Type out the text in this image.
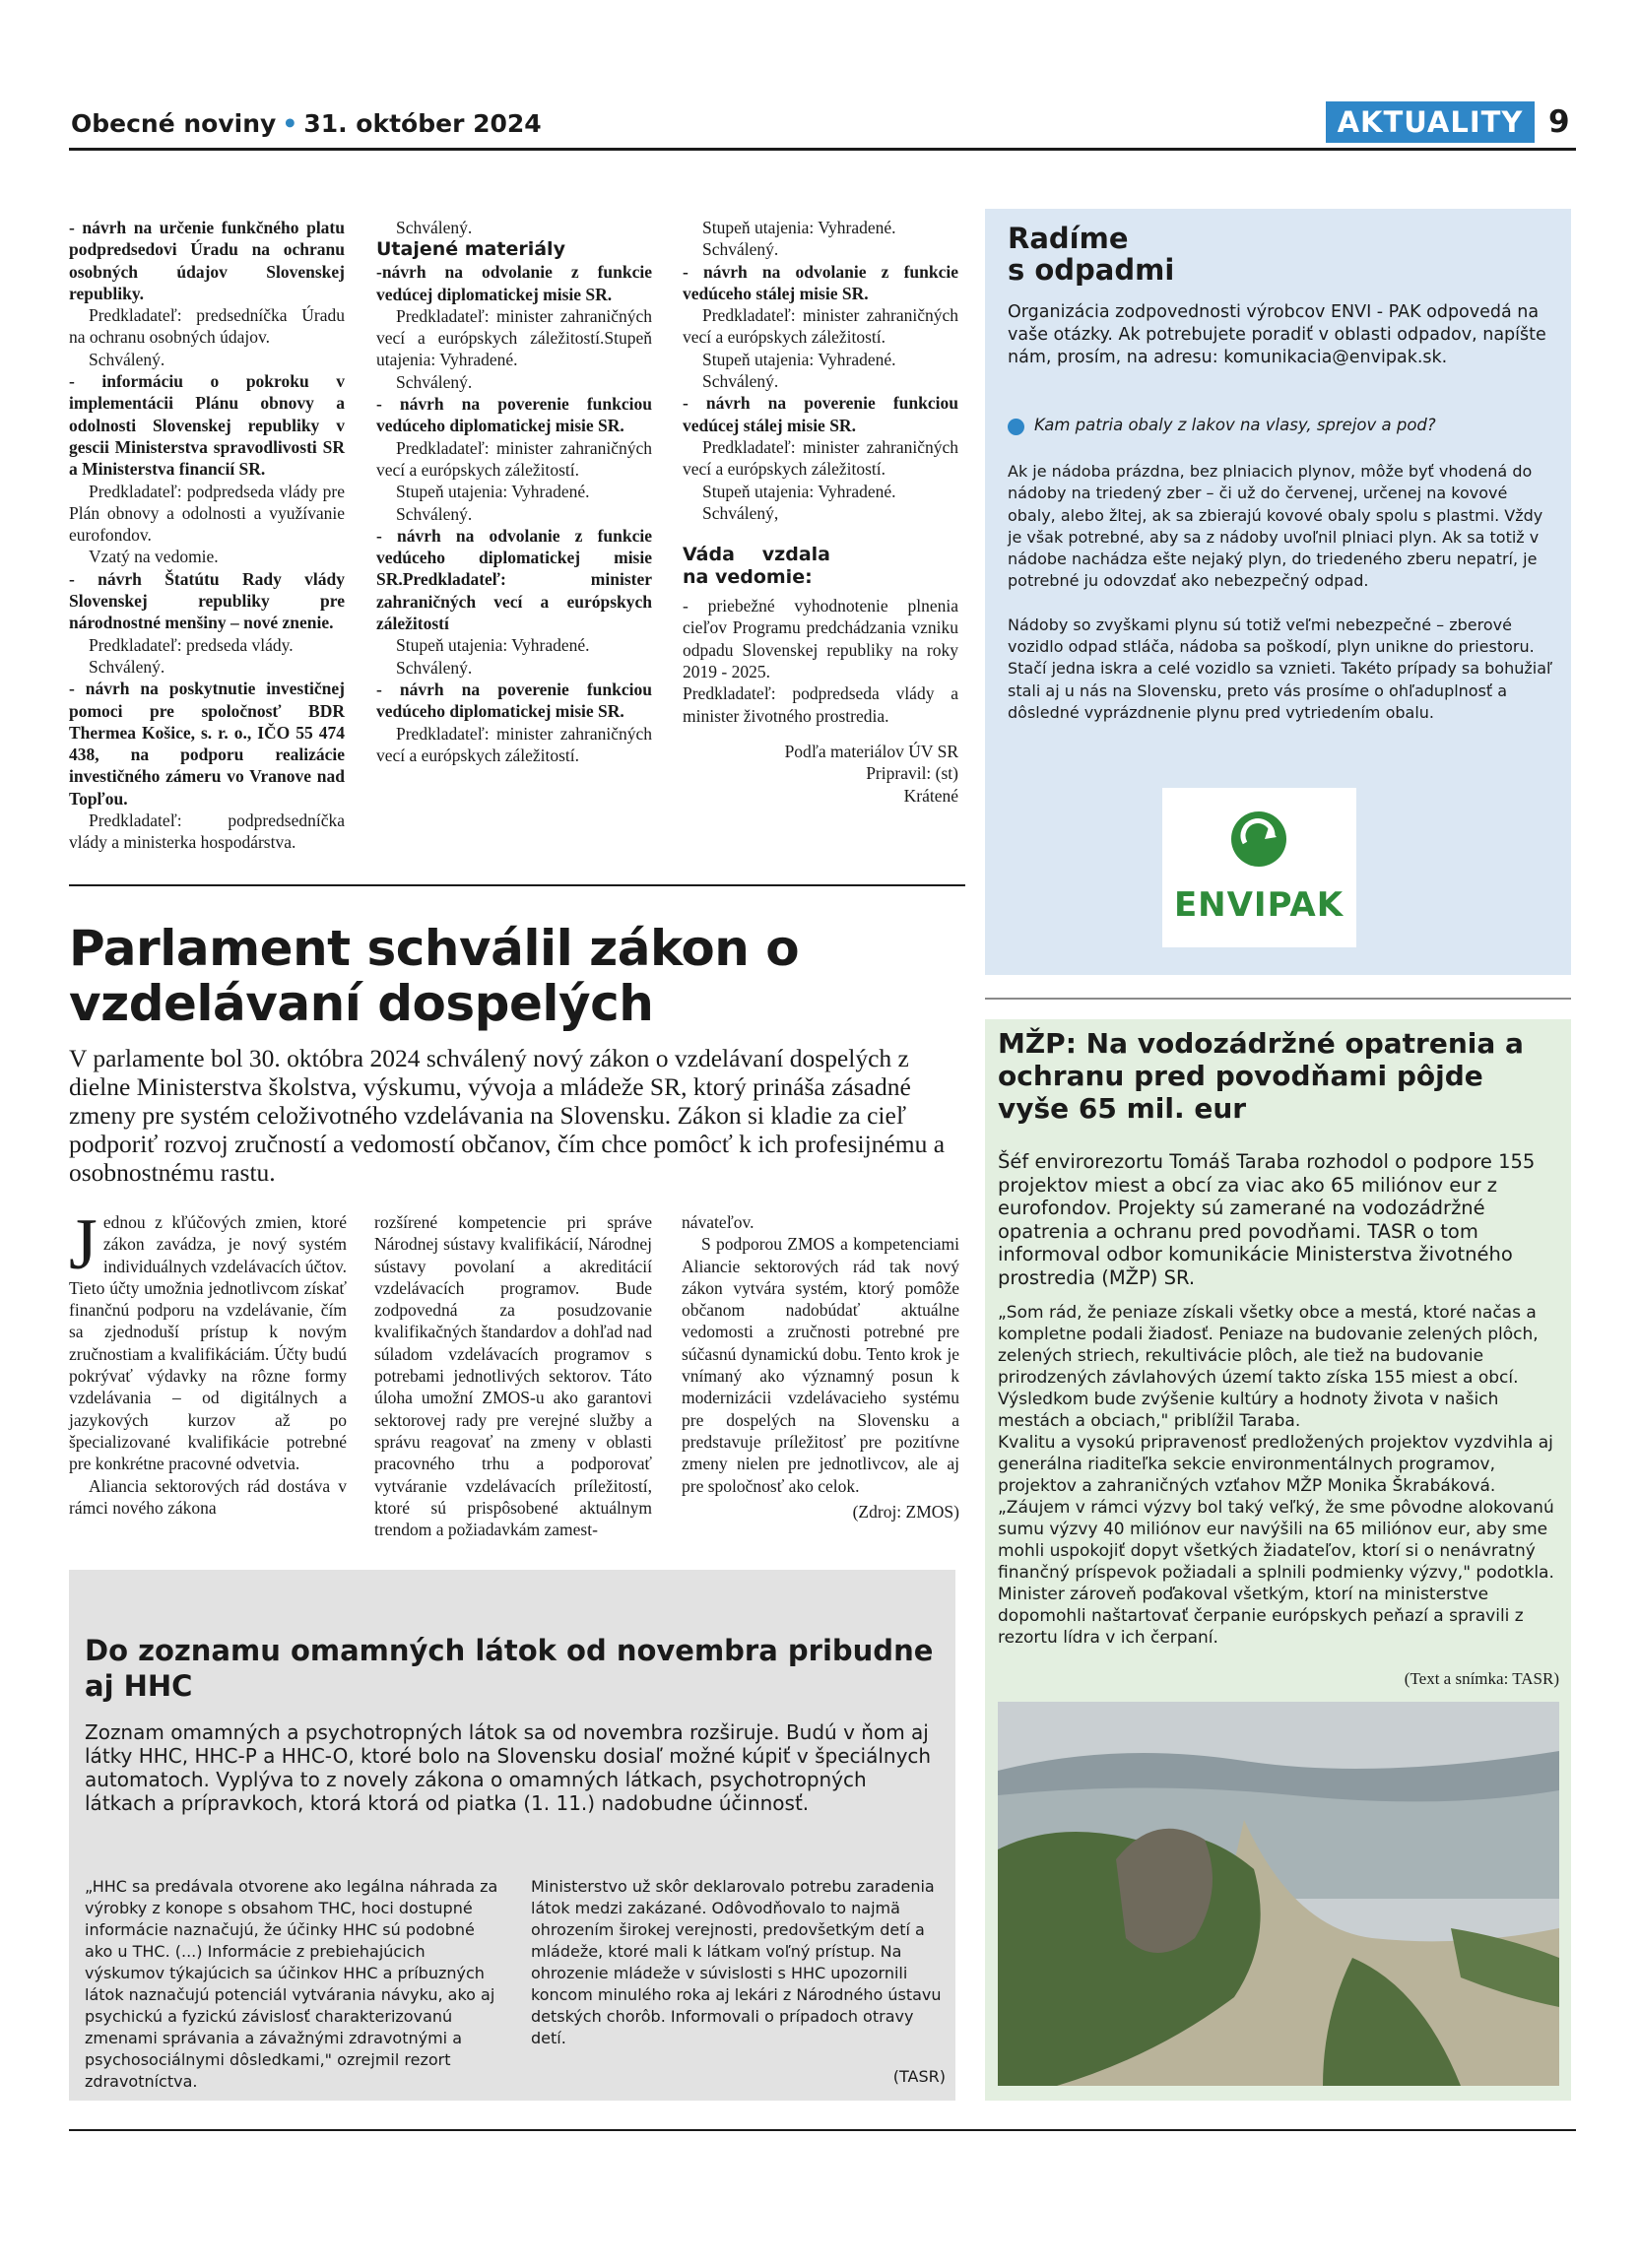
Obecné noviny • 31. október 2024	AKTUALITY 9

- návrh na určenie funkčného platu podpredsedovi Úradu na ochranu osobných údajov Slovenskej republiky.

Predkladateľ: predsedníčka Úradu na ochranu osobných údajov.

Schválený.

- informáciu o pokroku v implementácii Plánu obnovy a odolnosti Slovenskej republiky v gescii Ministerstva spravodlivosti SR a Ministerstva financií SR.

Predkladateľ: podpredseda vlády pre Plán obnovy a odolnosti a využívanie eurofondov.

Vzatý na vedomie.

- návrh Štatútu Rady vlády Slovenskej republiky pre národnostné menšiny – nové znenie.

Predkladateľ: predseda vlády.

Schválený.

- návrh na poskytnutie investičnej pomoci pre spoločnosť BDR Thermea Košice, s. r. o., IČO 55 474 438, na podporu realizácie investičného zámeru vo Vranove nad Topľou.

Predkladateľ: podpredsedníčka vlády a ministerka hospodárstva.

Schválený.

Utajené materiály

-návrh na odvolanie z funkcie vedúcej diplomatickej misie SR.

Predkladateľ: minister zahraničných vecí a európskych záležitostí.Stupeň utajenia: Vyhradené.

Schválený.

- návrh na poverenie funkciou vedúceho diplomatickej misie SR.

Predkladateľ: minister zahraničných vecí a európskych záležitostí.

Stupeň utajenia: Vyhradené.

Schválený.

- návrh na odvolanie z funkcie vedúceho diplomatickej misie SR.Predkladateľ: minister zahraničných vecí a európskych záležitostí

Stupeň utajenia: Vyhradené.

Schválený.

- návrh na poverenie funkciou vedúceho diplomatickej misie SR.

Predkladateľ: minister zahraničných vecí a európskych záležitostí.

Stupeň utajenia: Vyhradené.

Schválený.

- návrh na odvolanie z funkcie vedúceho stálej misie SR.

Predkladateľ: minister zahraničných vecí a európskych záležitostí.

Stupeň utajenia: Vyhradené.

Schválený.

- návrh na poverenie funkciou vedúcej stálej misie SR.

Predkladateľ: minister zahraničných vecí a európskych záležitostí.

Stupeň utajenia: Vyhradené.

Schválený,

Váda vzdala na vedomie:

- priebežné vyhodnotenie plnenia cieľov Programu predchádzania vzniku odpadu Slovenskej republiky na roky 2019 - 2025.

Predkladateľ: podpredseda vlády a minister životného prostredia.

Podľa materiálov ÚV SR

Pripravil: (st)

Krátené

Parlament schválil zákon o vzdelávaní dospelých
V parlamente bol 30. októbra 2024 schválený nový zákon o vzdelávaní dospelých z dielne Ministerstva školstva, výskumu, vývoja a mládeže SR, ktorý prináša zásadné zmeny pre systém celoživotného vzdelávania na Slovensku. Zákon si kladie za cieľ podporiť rozvoj zručností a vedomostí občanov, čím chce pomôcť k ich profesijnému a osobnostnému rastu.

Jednou z kľúčových zmien, ktoré zákon zavádza, je nový systém individuálnych vzdelávacích účtov. Tieto účty umožnia jednotlivcom získať finančnú podporu na vzdelávanie, čím sa zjednoduší prístup k novým zručnostiam a kvalifikáciám. Účty budú pokrývať výdavky na rôzne formy vzdelávania – od digitálnych a jazykových kurzov až po špecializované kvalifikácie potrebné pre konkrétne pracovné odvetvia.

Aliancia sektorových rád dostáva v rámci nového zákona

rozšírené kompetencie pri správe Národnej sústavy kvalifikácií, Národnej sústavy povolaní a akreditácií vzdelávacích programov. Bude zodpovedná za posudzovanie kvalifikačných štandardov a dohľad nad súladom vzdelávacích programov s potrebami jednotlivých sektorov. Táto úloha umožní ZMOS-u ako garantovi sektorovej rady pre verejné služby a správu reagovať na zmeny v oblasti pracovného trhu a podporovať vytváranie vzdelávacích príležitostí, ktoré sú prispôsobené aktuálnym trendom a požiadavkám zamest-

návateľov.

S podporou ZMOS a kompetenciami Aliancie sektorových rád tak nový zákon vytvára systém, ktorý pomôže občanom nadobúdať aktuálne vedomosti a zručnosti potrebné pre súčasnú dynamickú dobu. Tento krok je vnímaný ako významný posun k modernizácii vzdelávacieho systému pre dospelých na Slovensku a predstavuje príležitosť pre pozitívne zmeny nielen pre jednotlivcov, ale aj pre spoločnosť ako celok.

(Zdroj: ZMOS)

Radíme
s odpadmi
Organizácia zodpovednosti výrobcov ENVI - PAK odpovedá na vaše otázky. Ak potrebujete poradiť v oblasti odpadov, napíšte nám, prosím, na adresu: komunikacia@envipak.sk.
Kam patria obaly z lakov na vlasy, sprejov a pod?

Ak je nádoba prázdna, bez plniacich plynov, môže byť vhodená do nádoby na triedený zber – či už do červenej, určenej na kovové obaly, alebo žltej, ak sa zbierajú kovové obaly spolu s plastmi. Vždy je však potrebné, aby sa z nádoby uvoľnil plniaci plyn. Ak sa totiž v nádobe nachádza ešte nejaký plyn, do triedeného zberu nepatrí, je potrebné ju odovzdať ako nebezpečný odpad.

Nádoby so zvyškami plynu sú totiž veľmi nebezpečné – zberové vozidlo odpad stláča, nádoba sa poškodí, plyn unikne do priestoru. Stačí jedna iskra a celé vozidlo sa vznieti. Takéto prípady sa bohužiaľ stali aj u nás na Slovensku, preto vás prosíme o ohľaduplnosť a dôsledné vyprázdnenie plynu pred vytriedením obalu.

ENVIPAK
MŽP: Na vodozádržné opatrenia a ochranu pred povodňami pôjde vyše 65 mil. eur
Šéf envirorezortu Tomáš Taraba rozhodol o podpore 155 projektov miest a obcí za viac ako 65 miliónov eur z eurofondov. Projekty sú zamerané na vodozádržné opatrenia a ochranu pred povodňami. TASR o tom informoval odbor komunikácie Ministerstva životného prostredia (MŽP) SR.

„Som rád, že peniaze získali všetky obce a mestá, ktoré načas a kompletne podali žiadosť. Peniaze na budovanie zelených plôch, zelených striech, rekultivácie plôch, ale tiež na budovanie prirodzených závlahových území takto získa 155 miest a obcí. Výsledkom bude zvýšenie kultúry a hodnoty života v našich mestách a obciach," priblížil Taraba.

Kvalitu a vysokú pripravenosť predložených projektov vyzdvihla aj generálna riaditeľka sekcie environmentálnych programov, projektov a zahraničných vzťahov MŽP Monika Škrabáková. „Záujem v rámci výzvy bol taký veľký, že sme pôvodne alokovanú sumu výzvy 40 miliónov eur navýšili na 65 miliónov eur, aby sme mohli uspokojiť dopyt všetkých žiadateľov, ktorí si o nenávratný finančný príspevok požiadali a splnili podmienky výzvy," podotkla.

Minister zároveň poďakoval všetkým, ktorí na ministerstve dopomohli naštartovať čerpanie európskych peňazí a spravili z rezortu lídra v ich čerpaní.

(Text a snímka: TASR)
Do zoznamu omamných látok od novembra pribudne aj HHC
Zoznam omamných a psychotropných látok sa od novembra rozširuje. Budú v ňom aj látky HHC, HHC-P a HHC-O, ktoré bolo na Slovensku dosiaľ možné kúpiť v špeciálnych automatoch. Vyplýva to z novely zákona o omamných látkach, psychotropných látkach a prípravkoch, ktorá ktorá od piatka (1. 11.) nadobudne účinnosť.
„HHC sa predávala otvorene ako legálna náhrada za výrobky z konope s obsahom THC, hoci dostupné informácie naznačujú, že účinky HHC sú podobné ako u THC. (...) Informácie z prebiehajúcich výskumov týkajúcich sa účinkov HHC a príbuzných látok naznačujú potenciál vytvárania návyku, ako aj psychickú a fyzickú závislosť charakterizovanú zmenami správania a závažnými zdravotnými a psychosociálnymi dôsledkami," ozrejmil rezort zdravotníctva.
Ministerstvo už skôr deklarovalo potrebu zaradenia látok medzi zakázané. Odôvodňovalo to najmä ohrozením širokej verejnosti, predovšetkým detí a mládeže, ktoré mali k látkam voľný prístup. Na ohrozenie mládeže v súvislosti s HHC upozornili koncom minulého roka aj lekári z Národného ústavu detských chorôb. Informovali o prípadoch otravy detí.
(TASR)
